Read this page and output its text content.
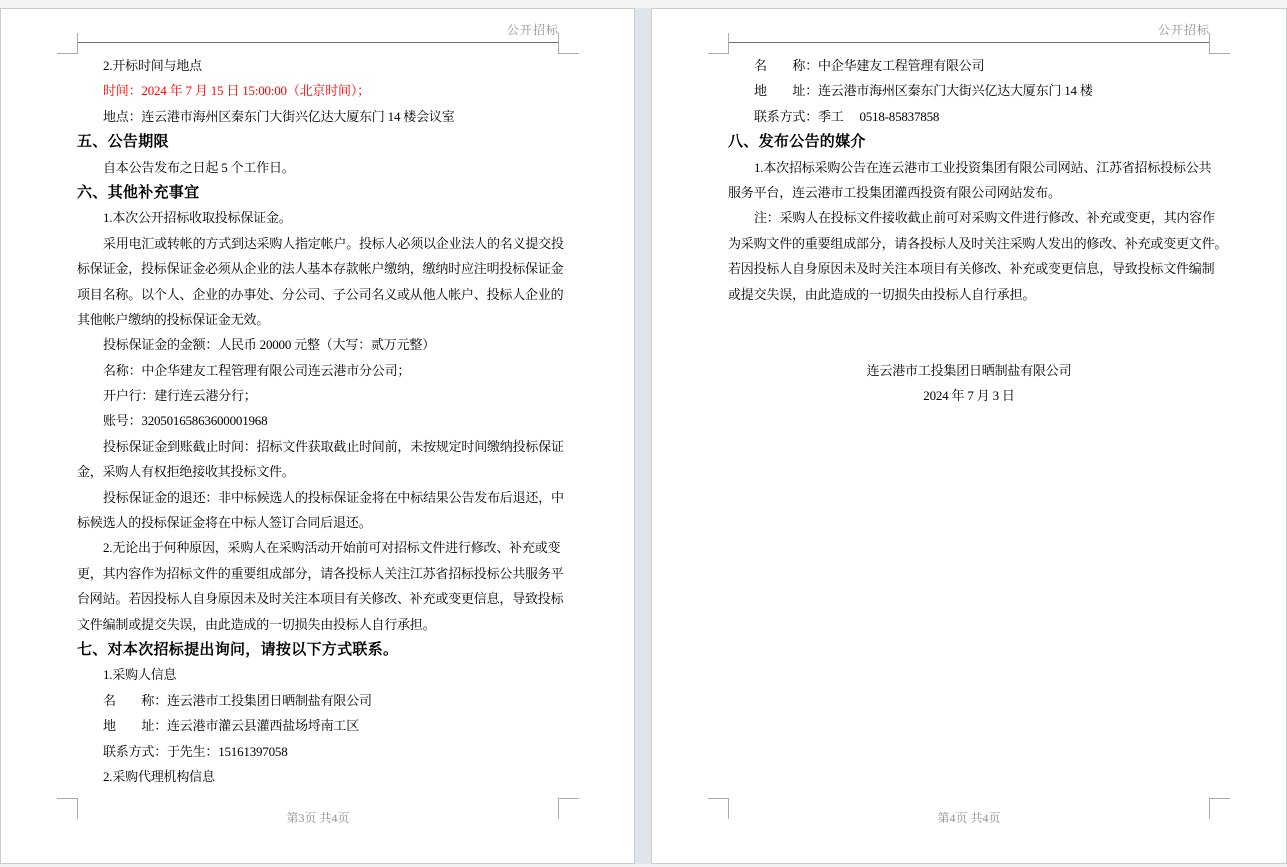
公开招标
2.开标时间与地点
时间：2024 年 7 月 15 日 15:00:00（北京时间）；
地点：连云港市海州区秦东门大街兴亿达大厦东门 14 楼会议室
五、公告期限
自本公告发布之日起 5 个工作日。
六、其他补充事宜
1.本次公开招标收取投标保证金。
采用电汇或转帐的方式到达采购人指定帐户。投标人必须以企业法人的名义提交投
标保证金，投标保证金必须从企业的法人基本存款帐户缴纳，缴纳时应注明投标保证金
项目名称。以个人、企业的办事处、分公司、子公司名义或从他人帐户、投标人企业的
其他帐户缴纳的投标保证金无效。
投标保证金的金额：人民币 20000 元整（大写：贰万元整）
名称：中企华建友工程管理有限公司连云港市分公司；
开户行：建行连云港分行；
账号：32050165863600001968
投标保证金到账截止时间：招标文件获取截止时间前，未按规定时间缴纳投标保证
金，采购人有权拒绝接收其投标文件。
投标保证金的退还：非中标候选人的投标保证金将在中标结果公告发布后退还，中
标候选人的投标保证金将在中标人签订合同后退还。
2.无论出于何种原因，采购人在采购活动开始前可对招标文件进行修改、补充或变
更，其内容作为招标文件的重要组成部分，请各投标人关注江苏省招标投标公共服务平
台网站。若因投标人自身原因未及时关注本项目有关修改、补充或变更信息，导致投标
文件编制或提交失误，由此造成的一切损失由投标人自行承担。
七、对本次招标提出询问，请按以下方式联系。
1.采购人信息
名　　称：连云港市工投集团日晒制盐有限公司
地　　址：连云港市灌云县灌西盐场埒南工区
联系方式：于先生：15161397058
2.采购代理机构信息
第3页 共4页
公开招标
名　　称：中企华建友工程管理有限公司
地　　址：连云港市海州区秦东门大街兴亿达大厦东门 14 楼
联系方式：季工　 0518-85837858
八、发布公告的媒介
1.本次招标采购公告在连云港市工业投资集团有限公司网站、江苏省招标投标公共
服务平台，连云港市工投集团灌西投资有限公司网站发布。
注：采购人在投标文件接收截止前可对采购文件进行修改、补充或变更，其内容作
为采购文件的重要组成部分，请各投标人及时关注采购人发出的修改、补充或变更文件。
若因投标人自身原因未及时关注本项目有关修改、补充或变更信息，导致投标文件编制
或提交失误，由此造成的一切损失由投标人自行承担。
连云港市工投集团日晒制盐有限公司
2024 年 7 月 3 日
第4页 共4页
